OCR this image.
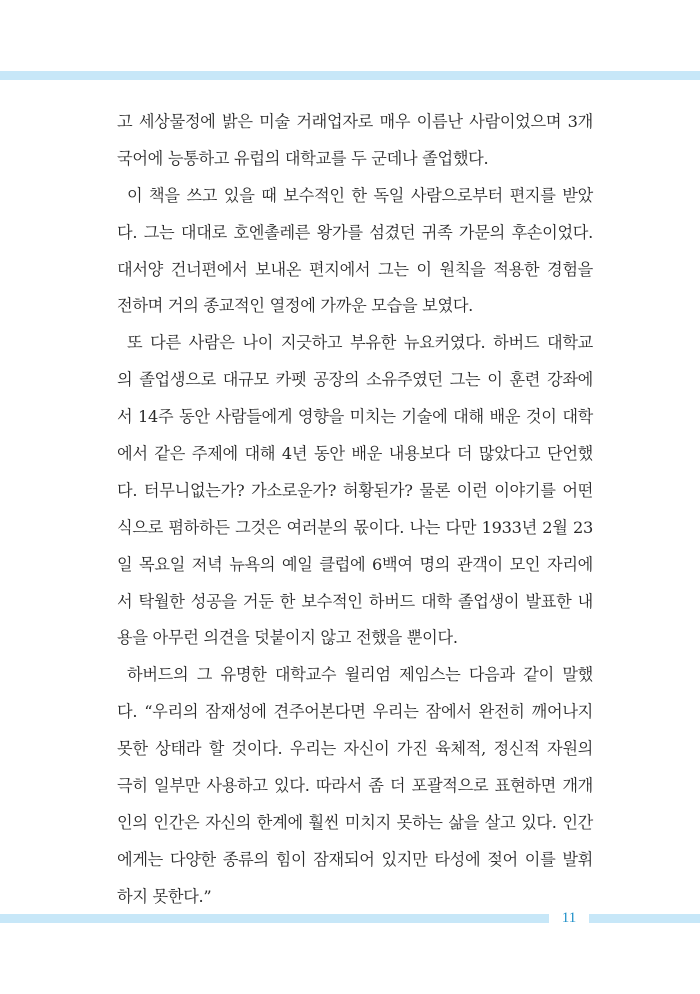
고 세상물정에 밝은 미술 거래업자로 매우 이름난 사람이었으며 3개
국어에 능통하고 유럽의 대학교를 두 군데나 졸업했다.
이 책을 쓰고 있을 때 보수적인 한 독일 사람으로부터 편지를 받았
다. 그는 대대로 호엔촐레른 왕가를 섬겼던 귀족 가문의 후손이었다.
대서양 건너편에서 보내온 편지에서 그는 이 원칙을 적용한 경험을
전하며 거의 종교적인 열정에 가까운 모습을 보였다.
또 다른 사람은 나이 지긋하고 부유한 뉴요커였다. 하버드 대학교
의 졸업생으로 대규모 카펫 공장의 소유주였던 그는 이 훈련 강좌에
서 14주 동안 사람들에게 영향을 미치는 기술에 대해 배운 것이 대학
에서 같은 주제에 대해 4년 동안 배운 내용보다 더 많았다고 단언했
다. 터무니없는가? 가소로운가? 허황된가? 물론 이런 이야기를 어떤
식으로 폄하하든 그것은 여러분의 몫이다. 나는 다만 1933년 2월 23
일 목요일 저녁 뉴욕의 예일 클럽에 6백여 명의 관객이 모인 자리에
서 탁월한 성공을 거둔 한 보수적인 하버드 대학 졸업생이 발표한 내
용을 아무런 의견을 덧붙이지 않고 전했을 뿐이다.
하버드의 그 유명한 대학교수 윌리엄 제임스는 다음과 같이 말했
다. “우리의 잠재성에 견주어본다면 우리는 잠에서 완전히 깨어나지
못한 상태라 할 것이다. 우리는 자신이 가진 육체적, 정신적 자원의
극히 일부만 사용하고 있다. 따라서 좀 더 포괄적으로 표현하면 개개
인의 인간은 자신의 한계에 훨씬 미치지 못하는 삶을 살고 있다. 인간
에게는 다양한 종류의 힘이 잠재되어 있지만 타성에 젖어 이를 발휘
하지 못한다.”
11
